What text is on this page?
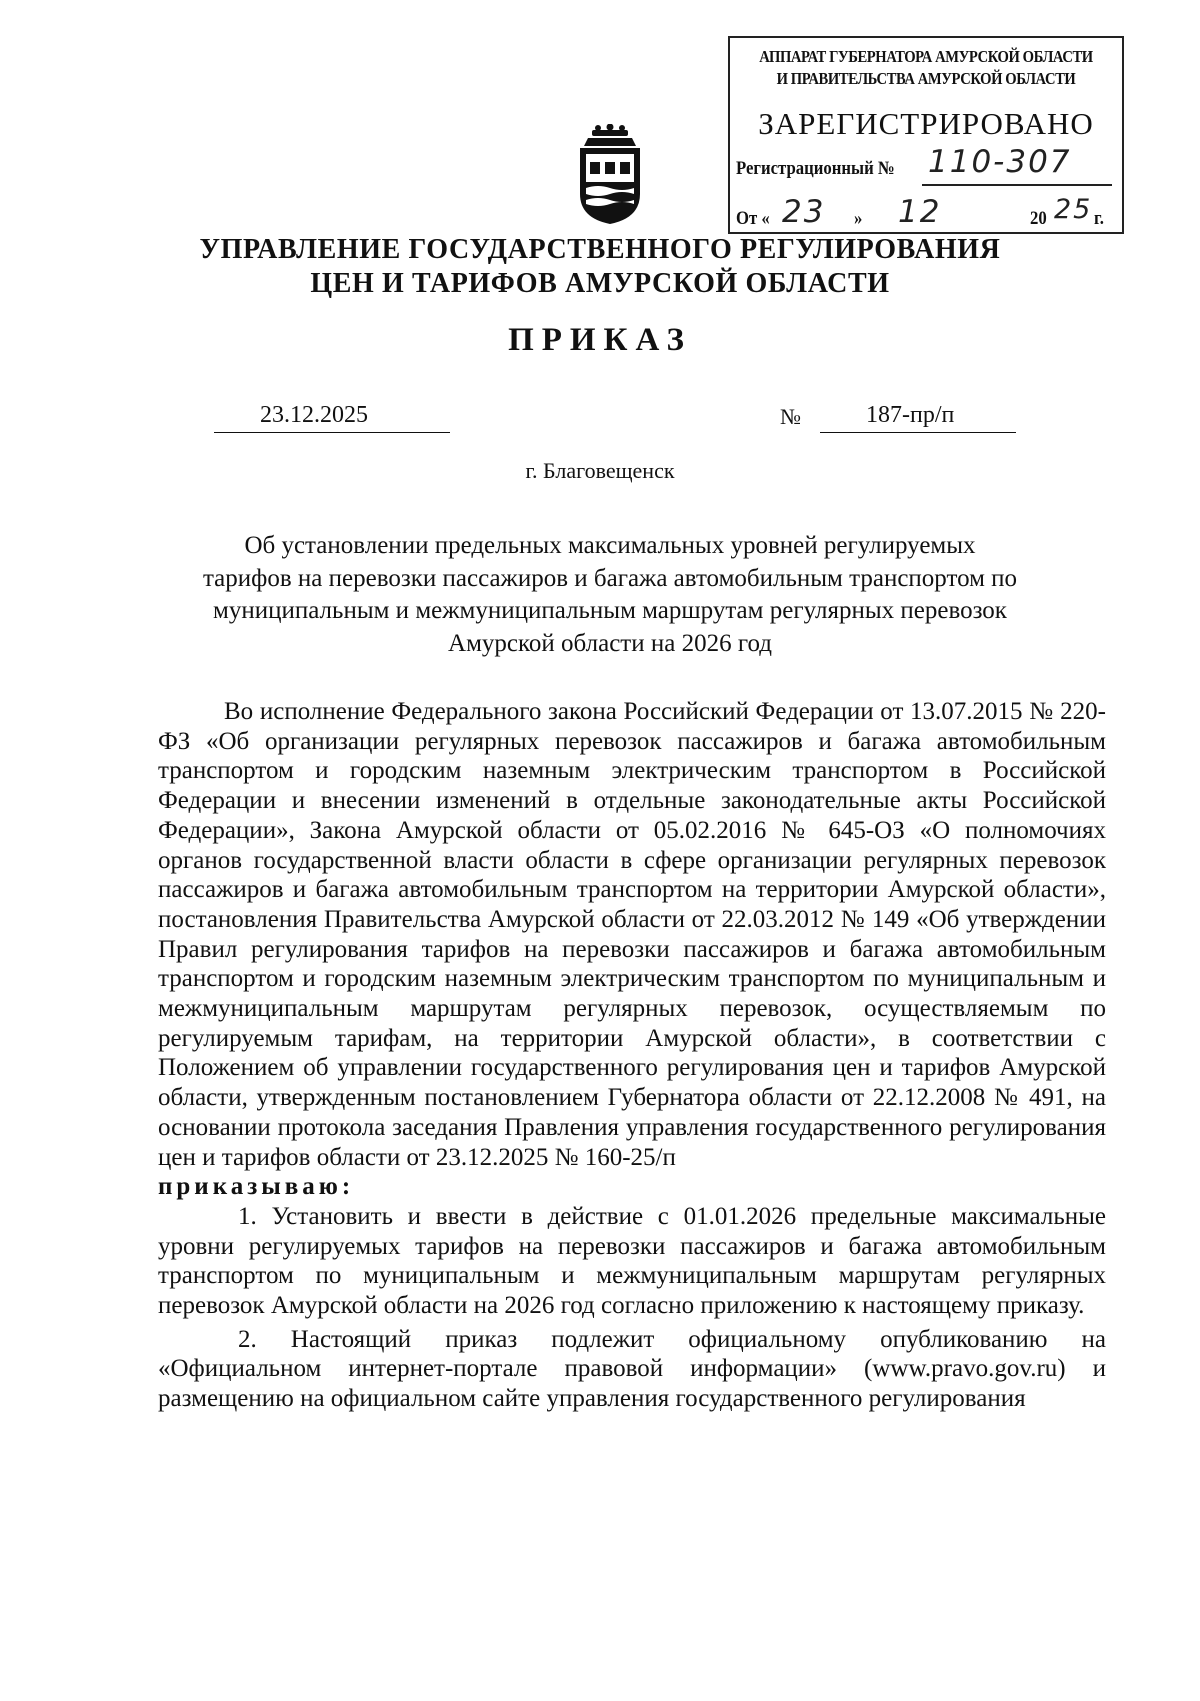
АППАРАТ ГУБЕРНАТОРА АМУРСКОЙ ОБЛАСТИ
И ПРАВИТЕЛЬСТВА АМУРСКОЙ ОБЛАСТИ
ЗАРЕГИСТРИРОВАНО
Регистрационный № 110-307
От « 23 » 12	20 25 г.
УПРАВЛЕНИЕ ГОСУДАРСТВЕННОГО РЕГУЛИРОВАНИЯ
ЦЕН И ТАРИФОВ АМУРСКОЙ ОБЛАСТИ
ПРИКАЗ
23.12.2025	№	187-пр/п
г. Благовещенск
Об установлении предельных максимальных уровней регулируемых
тарифов на перевозки пассажиров и багажа автомобильным транспортом по
муниципальным и межмуниципальным маршрутам регулярных перевозок
Амурской области на 2026 год

Во исполнение Федерального закона Российский Федерации от 13.07.2015 № 220-ФЗ «Об организации регулярных перевозок пассажиров и багажа автомобильным транспортом и городским наземным электрическим транспортом в Российской Федерации и внесении изменений в отдельные законодательные акты Российской Федерации», Закона Амурской области от 05.02.2016 № 645-ОЗ «О полномочиях органов государственной власти области в сфере организации регулярных перевозок пассажиров и багажа автомобильным транспортом на территории Амурской области», постановления Правительства Амурской области от 22.03.2012 № 149 «Об утверждении Правил регулирования тарифов на перевозки пассажиров и багажа автомобильным транспортом и городским наземным электрическим транспортом по муниципальным и межмуниципальным маршрутам регулярных перевозок, осуществляемым по регулируемым тарифам, на территории Амурской области», в соответствии с Положением об управлении государственного регулирования цен и тарифов Амурской области, утвержденным постановлением Губернатора области от 22.12.2008 № 491, на основании протокола заседания Правления управления государственного регулирования цен и тарифов области от 23.12.2025 № 160-25/п

приказываю:

1. Установить и ввести в действие с 01.01.2026 предельные максимальные уровни регулируемых тарифов на перевозки пассажиров и багажа автомобильным транспортом по муниципальным и межмуниципальным маршрутам регулярных перевозок Амурской области на 2026 год согласно приложению к настоящему приказу.

2. Настоящий приказ подлежит официальному опубликованию на «Официальном интернет-портале правовой информации» (www.pravo.gov.ru) и размещению на официальном сайте управления государственного регулирования
